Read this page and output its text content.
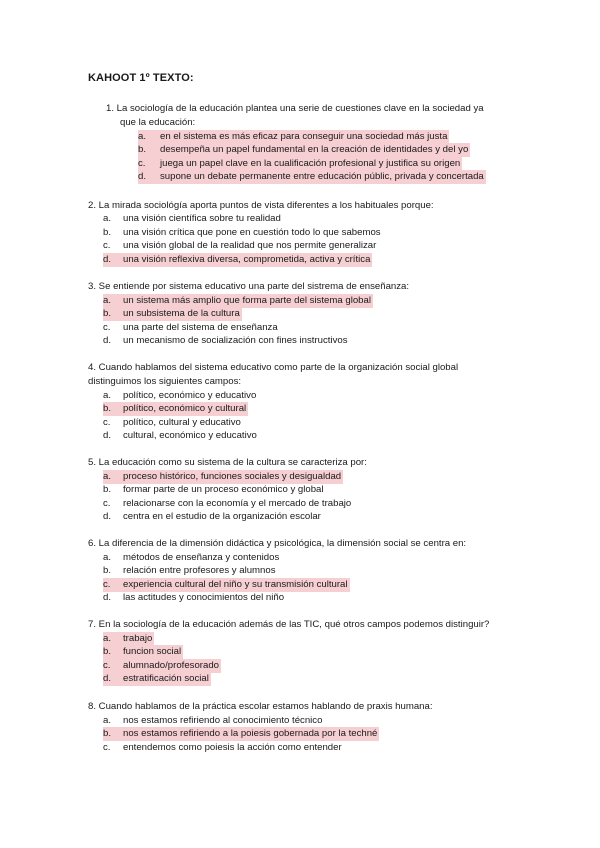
KAHOOT 1º TEXTO:
1. La sociología de la educación plantea una serie de cuestiones clave en la sociedad ya
que la educación:
a. en el sistema es más eficaz para conseguir una sociedad más justa
b. desempeña un papel fundamental en la creación de identidades y del yo
c. juega un papel clave en la cualificación profesional y justifica su origen
d. supone un debate permanente entre educación públic, privada y concertada
2. La mirada sociológía aporta puntos de vista diferentes a los habituales porque:
a. una visión científica sobre tu realidad
b. una visión crítica que pone en cuestión todo lo que sabemos
c. una visión global de la realidad que nos permite generalizar
d. una visión reflexiva diversa, comprometida, activa y crítica
3. Se entiende por sistema educativo una parte del sistrema de enseñanza:
a. un sistema más amplio que forma parte del sistema global
b. un subsistema de la cultura
c. una parte del sistema de enseñanza
d. un mecanismo de socialización con fines instructivos
4. Cuando hablamos del sistema educativo como parte de la organización social global
distinguimos los siguientes campos:
a. político, económico y educativo
b. político, económico y cultural
c. político, cultural y educativo
d. cultural, económico y educativo
5. La educación como su sistema de la cultura se caracteriza por:
a. proceso histórico, funciones sociales y desigualdad
b. formar parte de un proceso económico y global
c. relacionarse con la economía y el mercado de trabajo
d. centra en el estudio de la organización escolar
6. La diferencia de la dimensión didáctica y psicológica, la dimensión social se centra en:
a. métodos de enseñanza y contenidos
b. relación entre profesores y alumnos
c. experiencia cultural del niño y su transmisión cultural
d. las actitudes y conocimientos del niño
7. En la sociología de la educación además de las TIC, qué otros campos podemos distinguir?
a. trabajo
b. funcion social
c. alumnado/profesorado
d. estratificación social
8. Cuando hablamos de la práctica escolar estamos hablando de praxis humana:
a. nos estamos refiriendo al conocimiento técnico
b. nos estamos refiriendo a la poiesis gobernada por la techné
c. entendemos como poiesis la acción como entender
